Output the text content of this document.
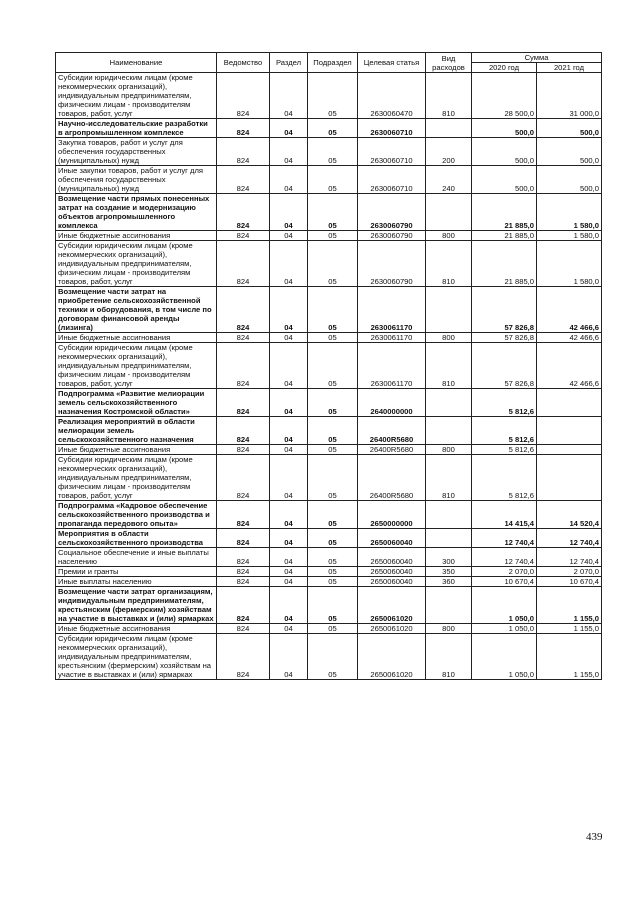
Наименование	Ведомство	Раздел	Подраздел	Целевая статья	Вид расходов	Сумма	
						2020 год	2021 год
Субсидии юридическим лицам (кроме некоммерческих организаций), индивидуальным предпринимателям, физическим лицам - производителям товаров, работ, услуг	824	04	05	2630060470	810	28 500,0	31 000,0
Научно-исследовательские разработки в агропромышленном комплексе	824	04	05	2630060710		500,0	500,0
Закупка товаров, работ и услуг для обеспечения государственных (муниципальных) нужд	824	04	05	2630060710	200	500,0	500,0
Иные закупки товаров, работ и услуг для обеспечения государственных (муниципальных) нужд	824	04	05	2630060710	240	500,0	500,0
Возмещение части прямых понесенных затрат на создание и модернизацию объектов агропромышленного комплекса	824	04	05	2630060790		21 885,0	1 580,0
Иные бюджетные ассигнования	824	04	05	2630060790	800	21 885,0	1 580,0
Субсидии юридическим лицам (кроме некоммерческих организаций), индивидуальным предпринимателям, физическим лицам - производителям товаров, работ, услуг	824	04	05	2630060790	810	21 885,0	1 580,0
Возмещение части затрат на приобретение сельскохозяйственной техники и оборудования, в том числе по договорам финансовой аренды (лизинга)	824	04	05	2630061170		57 826,8	42 466,6
Иные бюджетные ассигнования	824	04	05	2630061170	800	57 826,8	42 466,6
Субсидии юридическим лицам (кроме некоммерческих организаций), индивидуальным предпринимателям, физическим лицам - производителям товаров, работ, услуг	824	04	05	2630061170	810	57 826,8	42 466,6
Подпрограмма «Развитие мелиорации земель сельскохозяйственного назначения Костромской области»	824	04	05	2640000000		5 812,6	
Реализация мероприятий в области мелиорации земель сельскохозяйственного назначения	824	04	05	26400R5680		5 812,6	
Иные бюджетные ассигнования	824	04	05	26400R5680	800	5 812,6	
Субсидии юридическим лицам (кроме некоммерческих организаций), индивидуальным предпринимателям, физическим лицам - производителям товаров, работ, услуг	824	04	05	26400R5680	810	5 812,6	
Подпрограмма «Кадровое обеспечение сельскохозяйственного производства и пропаганда передового опыта»	824	04	05	2650000000		14 415,4	14 520,4
Мероприятия в области сельскохозяйственного производства	824	04	05	2650060040		12 740,4	12 740,4
Социальное обеспечение и иные выплаты населению	824	04	05	2650060040	300	12 740,4	12 740,4
Премии и гранты	824	04	05	2650060040	350	2 070,0	2 070,0
Иные выплаты населению	824	04	05	2650060040	360	10 670,4	10 670,4
Возмещение части затрат организациям, индивидуальным предпринимателям, крестьянским (фермерским) хозяйствам на участие в выставках и (или) ярмарках	824	04	05	2650061020		1 050,0	1 155,0
Иные бюджетные ассигнования	824	04	05	2650061020	800	1 050,0	1 155,0
Субсидии юридическим лицам (кроме некоммерческих организаций), индивидуальным предпринимателям, крестьянским (фермерским) хозяйствам на участие в выставках и (или) ярмарках	824	04	05	2650061020	810	1 050,0	1 155,0
439
